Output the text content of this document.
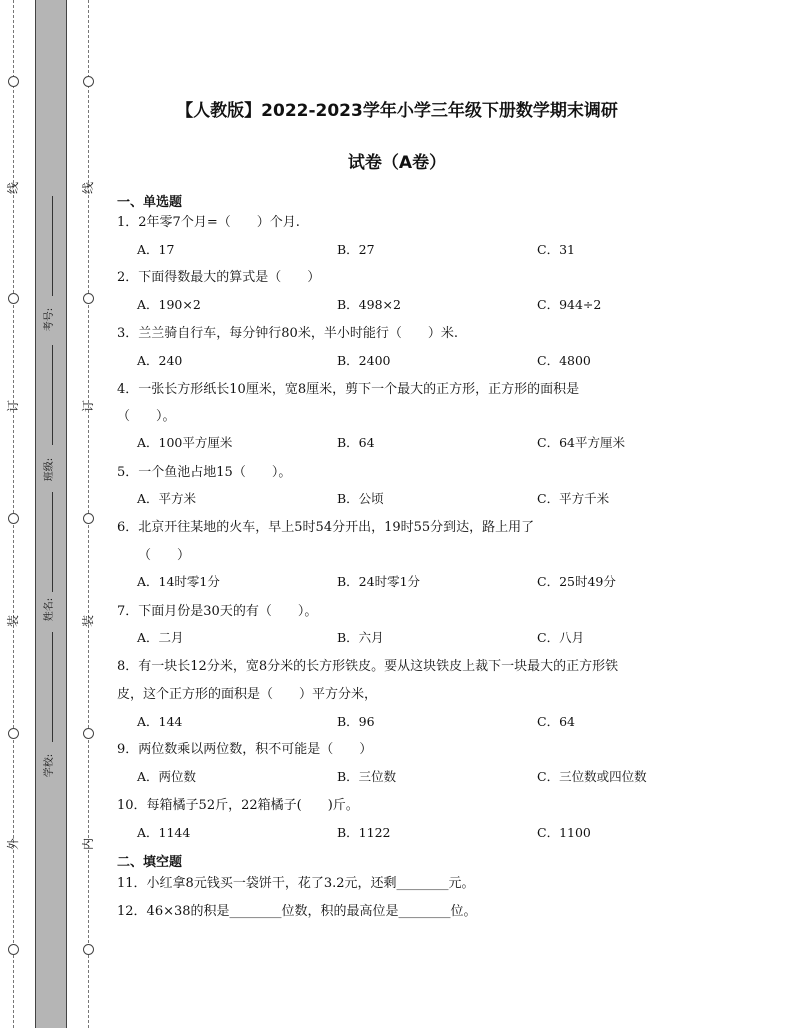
线
订
装
外
线
订
装
内
考号:
班级:
姓名:
学校:
【人教版】2022-2023学年小学三年级下册数学期末调研
试卷（A卷）
一、单选题
1．2年零7个月=（　　）个月.
A．17	B．27	C．31
2．下面得数最大的算式是（　　）
A．190×2	B．498×2	C．944÷2
3．兰兰骑自行车，每分钟行80米，半小时能行（　　）米.
A．240	B．2400	C．4800
4．一张长方形纸长10厘米，宽8厘米，剪下一个最大的正方形，正方形的面积是
（　　）。
A．100平方厘米	B．64	C．64平方厘米
5．一个鱼池占地15（　　）。
A．平方米	B．公顷	C．平方千米
6．北京开往某地的火车，早上5时54分开出，19时55分到达，路上用了
（　　）
A．14时零1分	B．24时零1分	C．25时49分
7．下面月份是30天的有（　　）。
A．二月	B．六月	C．八月
8．有一块长12分米，宽8分米的长方形铁皮。要从这块铁皮上裁下一块最大的正方形铁
皮，这个正方形的面积是（　　）平方分米，
A．144	B．96	C．64
9．两位数乘以两位数，积不可能是（　　）
A．两位数	B．三位数	C．三位数或四位数
10．每箱橘子52斤，22箱橘子(　　)斤。
A．1144	B．1122	C．1100
二、填空题
11．小红拿8元钱买一袋饼干，花了3.2元，还剩________元。
12．46×38的积是________位数，积的最高位是________位。
